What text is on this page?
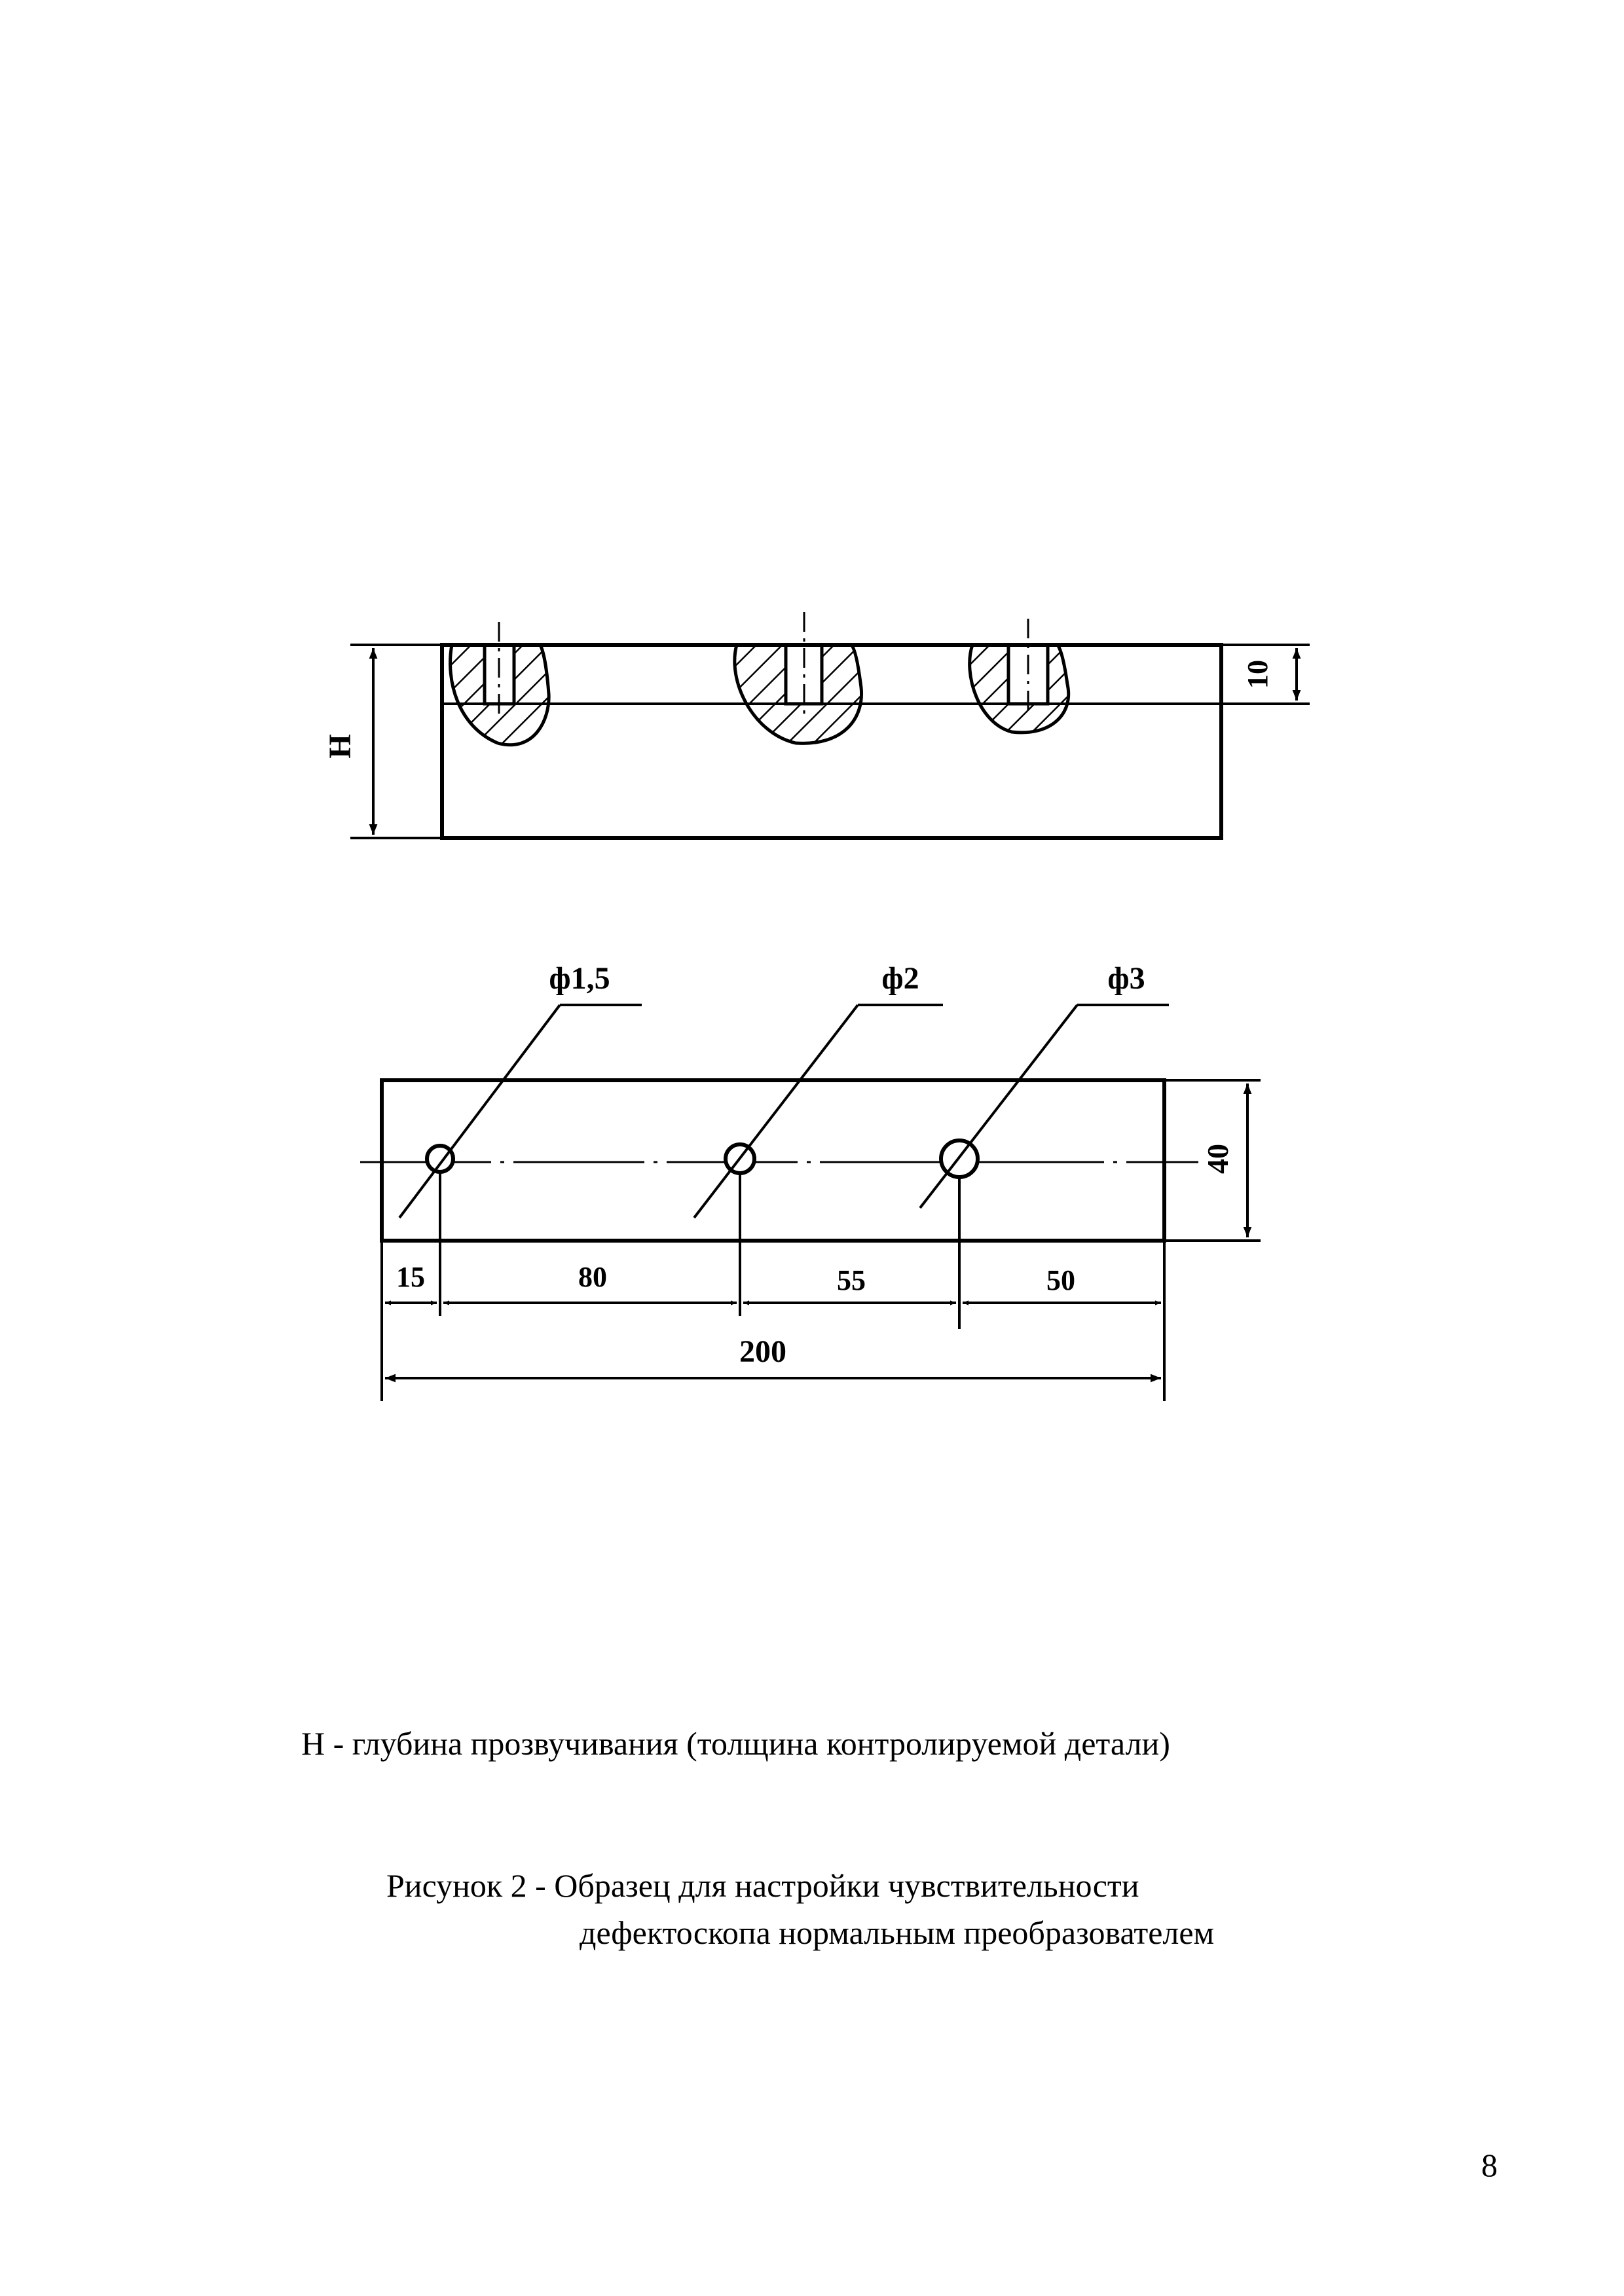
H
10
ф1,5	ф2	ф3
40
15	80	55	50
200
Н - глубина прозвучивания (толщина контролируемой детали)
Рисунок 2 - Образец для настройки чувствительности
дефектоскопа нормальным преобразователем
8
